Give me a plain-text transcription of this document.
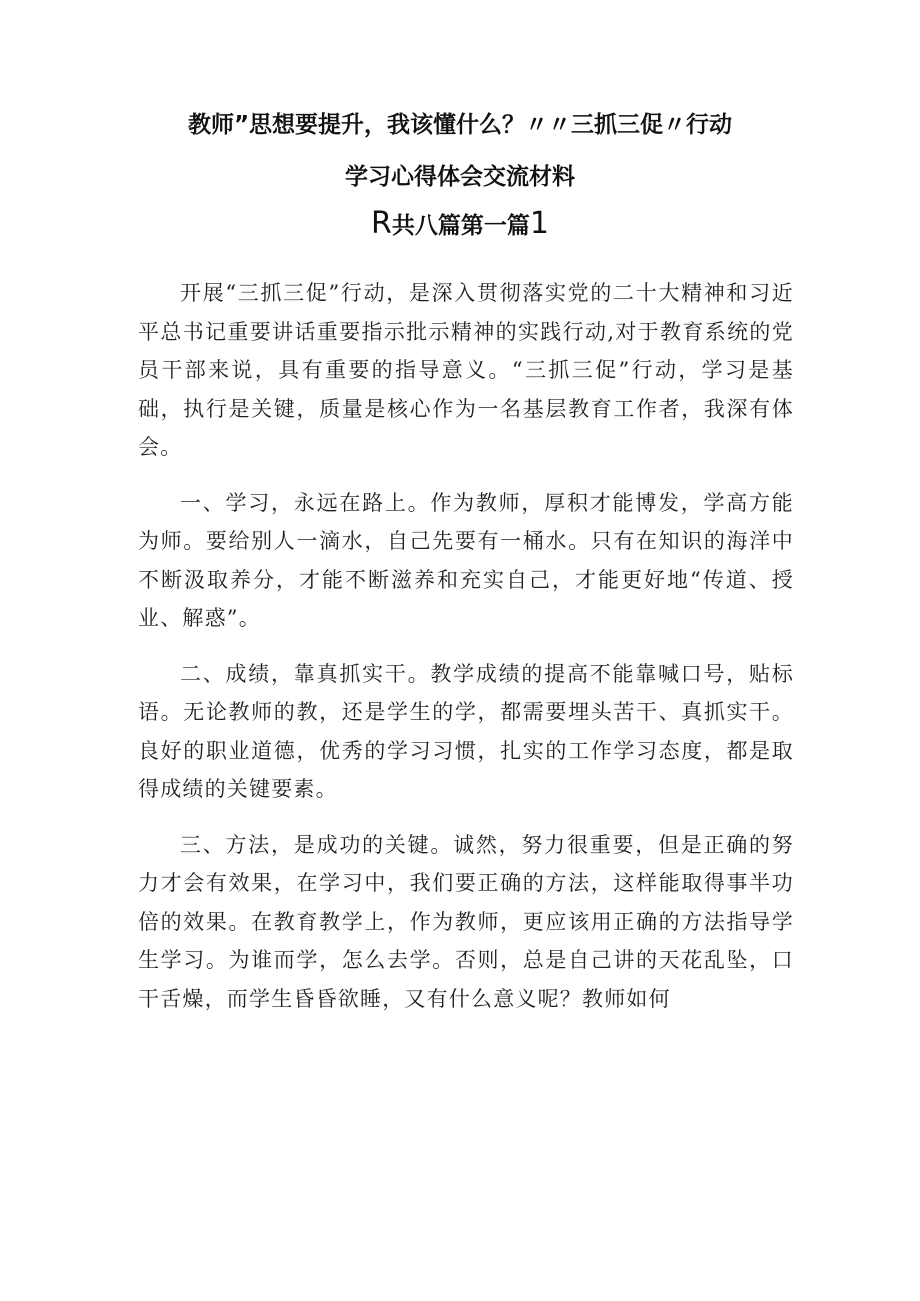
教师”思想要提升，我该懂什么？〃〃三抓三促〃行动
学习心得体会交流材料
R共八篇第一篇1

开展“三抓三促”行动，是深入贯彻落实党的二十大精神和习近平总书记重要讲话重要指示批示精神的实践行动,对于教育系统的党员干部来说，具有重要的指导意义。“三抓三促”行动，学习是基础，执行是关键，质量是核心作为一名基层教育工作者，我深有体会。

一、学习，永远在路上。作为教师，厚积才能博发，学高方能为师。要给别人一滴水，自己先要有一桶水。只有在知识的海洋中不断汲取养分，才能不断滋养和充实自己，才能更好地“传道、授业、解惑”。

二、成绩，靠真抓实干。教学成绩的提高不能靠喊口号，贴标语。无论教师的教，还是学生的学，都需要埋头苦干、真抓实干。良好的职业道德，优秀的学习习惯，扎实的工作学习态度，都是取得成绩的关键要素。

三、方法，是成功的关键。诚然，努力很重要，但是正确的努力才会有效果，在学习中，我们要正确的方法，这样能取得事半功倍的效果。在教育教学上，作为教师，更应该用正确的方法指导学生学习。为谁而学，怎么去学。否则，总是自己讲的天花乱坠，口干舌燥，而学生昏昏欲睡，又有什么意义呢？教师如何
